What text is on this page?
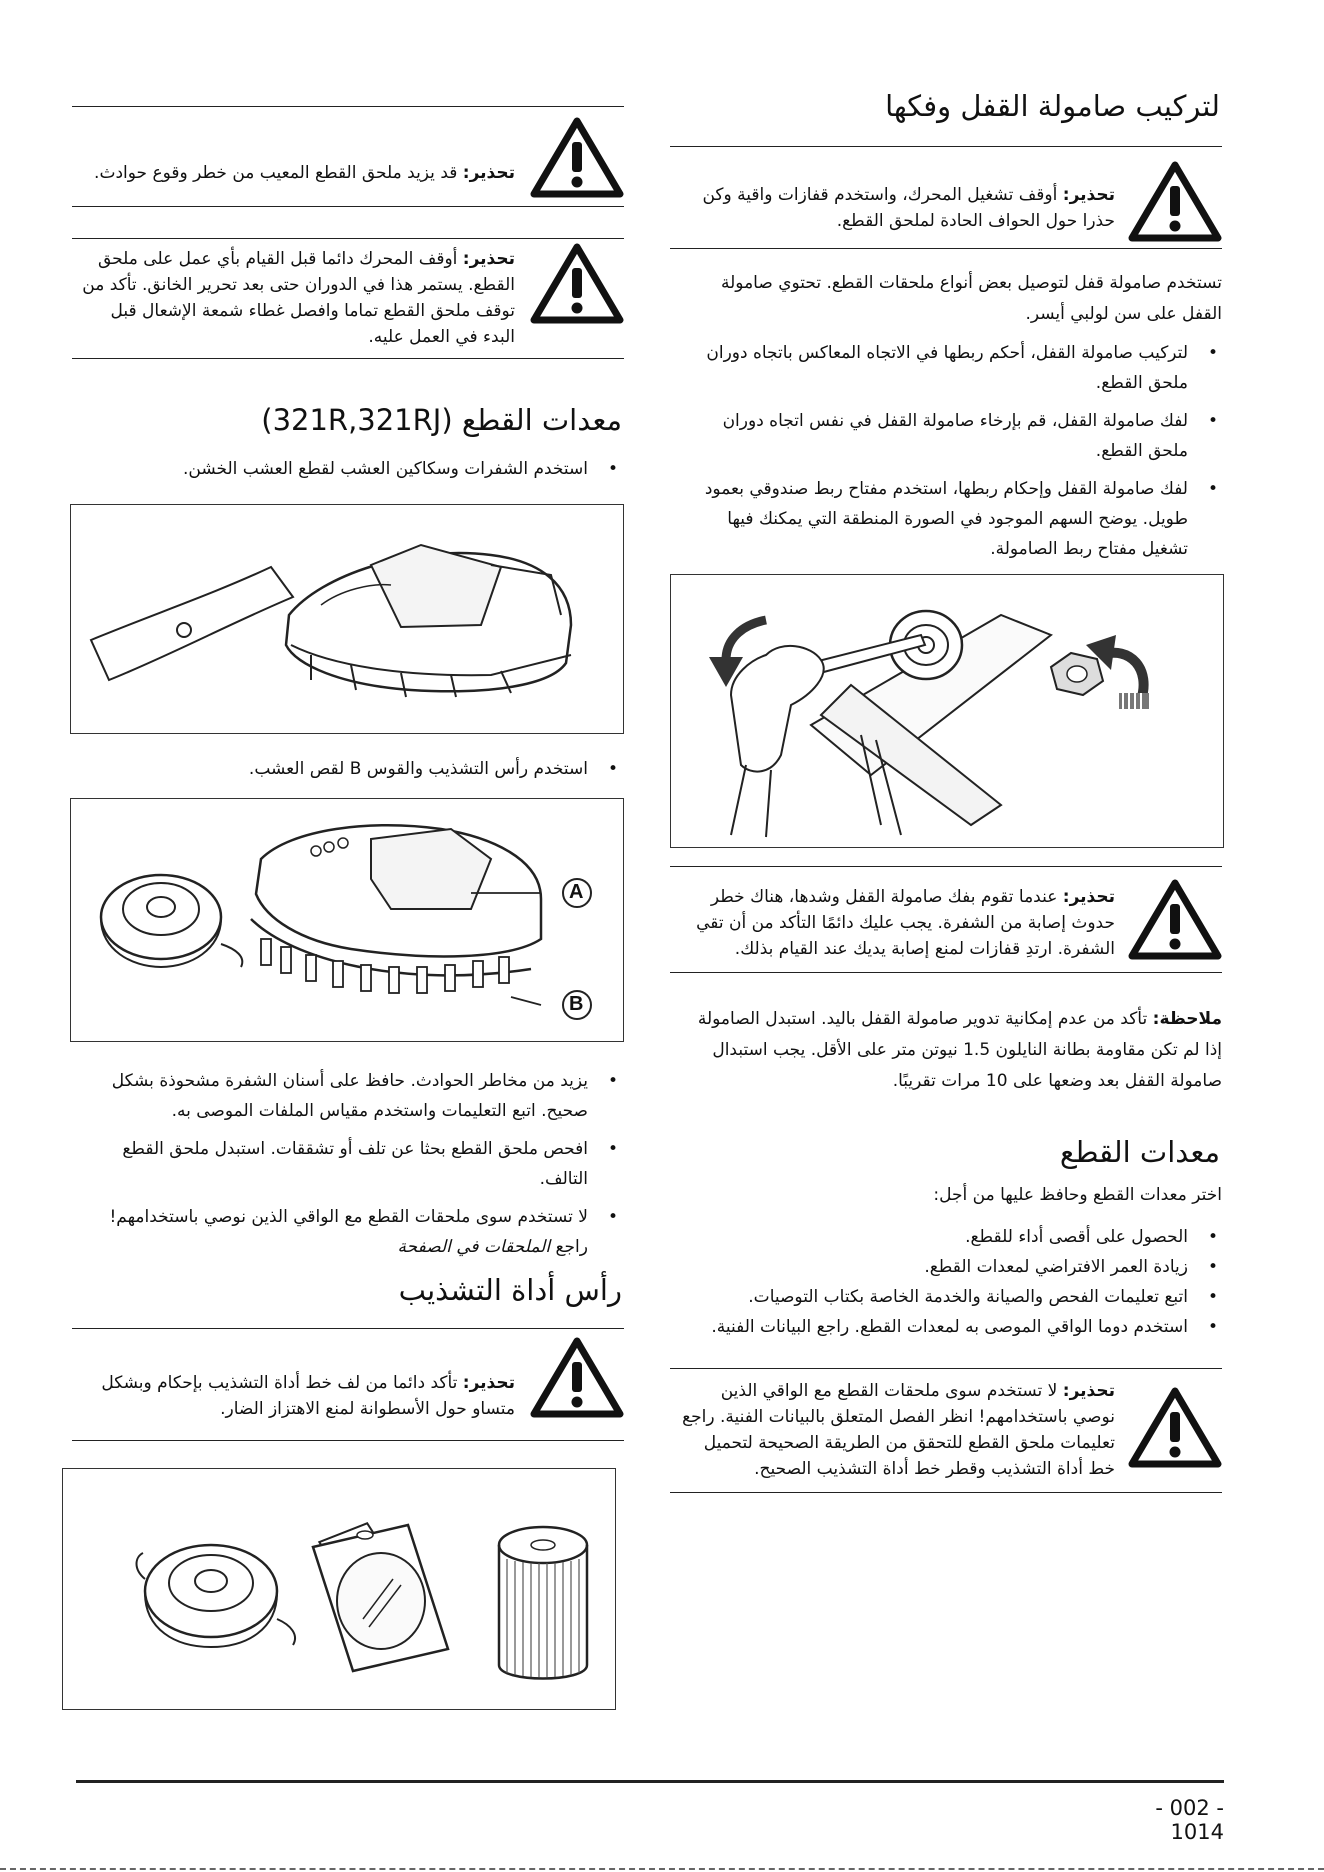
لتركيب صامولة القفل وفكها
تحذير: أوقف تشغيل المحرك، واستخدم قفازات واقية وكن حذرا حول الحواف الحادة لملحق القطع.
تستخدم صامولة قفل لتوصيل بعض أنواع ملحقات القطع. تحتوي صامولة القفل على سن لولبي أيسر.
• لتركيب صامولة القفل، أحكم ربطها في الاتجاه المعاكس باتجاه دوران ملحق القطع.
• لفك صامولة القفل، قم بإرخاء صامولة القفل في نفس اتجاه دوران ملحق القطع.
• لفك صامولة القفل وإحكام ربطها، استخدم مفتاح ربط صندوقي بعمود طويل. يوضح السهم الموجود في الصورة المنطقة التي يمكنك فيها تشغيل مفتاح ربط الصامولة.
تحذير: عندما تقوم بفك صامولة القفل وشدها، هناك خطر حدوث إصابة من الشفرة. يجب عليك دائمًا التأكد من أن تقي الشفرة. ارتدِ قفازات لمنع إصابة يديك عند القيام بذلك.
ملاحظة: تأكد من عدم إمكانية تدوير صامولة القفل باليد. استبدل الصامولة إذا لم تكن مقاومة بطانة النايلون 1.5 نيوتن متر على الأقل. يجب استبدال صامولة القفل بعد وضعها على 10 مرات تقريبًا.
معدات القطع
اختر معدات القطع وحافظ عليها من أجل:
• الحصول على أقصى أداء للقطع.
• زيادة العمر الافتراضي لمعدات القطع.
• اتبع تعليمات الفحص والصيانة والخدمة الخاصة بكتاب التوصيات.
• استخدم دوما الواقي الموصى به لمعدات القطع. راجع البيانات الفنية.
تحذير: لا تستخدم سوى ملحقات القطع مع الواقي الذين نوصي باستخدامهم! انظر الفصل المتعلق بالبيانات الفنية. راجع تعليمات ملحق القطع للتحقق من الطريقة الصحيحة لتحميل خط أداة التشذيب وقطر خط أداة التشذيب الصحيح.
تحذير: قد يزيد ملحق القطع المعيب من خطر وقوع حوادث.
تحذير: أوقف المحرك دائما قبل القيام بأي عمل على ملحق القطع. يستمر هذا في الدوران حتى بعد تحرير الخانق. تأكد من توقف ملحق القطع تماما وافصل غطاء شمعة الإشعال قبل البدء في العمل عليه.
معدات القطع (321R,321RJ)
• استخدم الشفرات وسكاكين العشب لقطع العشب الخشن.
• استخدم رأس التشذيب والقوس B لقص العشب.
A
B
• يزيد من مخاطر الحوادث. حافظ على أسنان الشفرة مشحوذة بشكل صحيح. اتبع التعليمات واستخدم مقياس الملفات الموصى به.
• افحص ملحق القطع بحثا عن تلف أو تشققات. استبدل ملحق القطع التالف.
• لا تستخدم سوى ملحقات القطع مع الواقي الذين نوصي باستخدامهم! راجع الملحقات في الصفحة
رأس أداة التشذيب
تحذير: تأكد دائما من لف خط أداة التشذيب بإحكام وبشكل متساو حول الأسطوانة لمنع الاهتزاز الضار.
- 002 - 1014
